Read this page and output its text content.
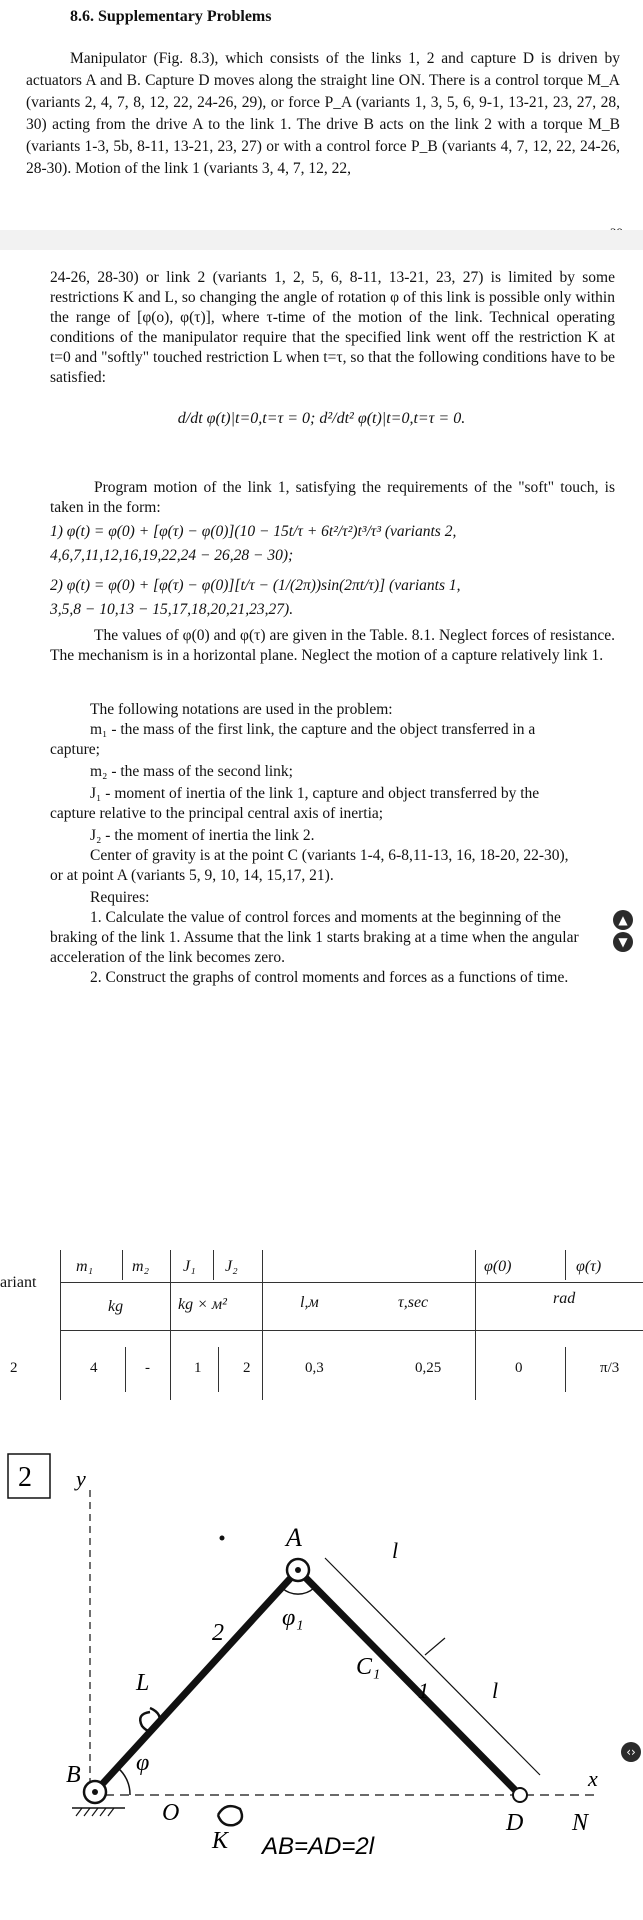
8.6. Supplementary Problems
Manipulator (Fig. 8.3), which consists of the links 1, 2 and capture D is driven by actuators A and B. Capture D moves along the straight line ON. There is a control torque M_A (variants 2, 4, 7, 8, 12, 22, 24-26, 29), or force P_A (variants 1, 3, 5, 6, 9-1, 13-21, 23, 27, 28, 30) acting from the drive A to the link 1. The drive B acts on the link 2 with a torque M_B (variants 1-3, 5b, 8-11, 13-21, 23, 27) or with a control force P_B (variants 4, 7, 12, 22, 24-26, 28-30). Motion of the link 1 (variants 3, 4, 7, 12, 22,
24-26, 28-30) or link 2 (variants 1, 2, 5, 6, 8-11, 13-21, 23, 27) is limited by some restrictions K and L, so changing the angle of rotation φ of this link is possible only within the range of [φ(o), φ(τ)], where τ-time of the motion of the link. Technical operating conditions of the manipulator require that the specified link went off the restriction K at t=0 and "softly" touched restriction L when t=τ, so that the following conditions have to be satisfied:
d/dt φ(t)|t=0,t=τ = 0; d²/dt² φ(t)|t=0,t=τ = 0.
Program motion of the link 1, satisfying the requirements of the "soft" touch, is taken in the form:
1) φ(t) = φ(0) + [φ(τ) − φ(0)](10 − 15t/τ + 6t²/τ²)t³/τ³ (variants 2,
4,6,7,11,12,16,19,22,24 − 26,28 − 30);
2) φ(t) = φ(0) + [φ(τ) − φ(0)][t/τ − (1/(2π))sin(2πt/τ)] (variants 1,
3,5,8 − 10,13 − 15,17,18,20,21,23,27).
The values of φ(0) and φ(τ) are given in the Table. 8.1. Neglect forces of resistance. The mechanism is in a horizontal plane. Neglect the motion of a capture relatively link 1.
The following notations are used in the problem:
m₁ - the mass of the first link, the capture and the object transferred in a
capture;
m₂ - the mass of the second link;
J₁ - moment of inertia of the link 1, capture and object transferred by the
capture relative to the principal central axis of inertia;
J₂ - the moment of inertia the link 2.
Center of gravity is at the point C (variants 1-4, 6-8,11-13, 16, 18-20, 22-30),
or at point A (variants 5, 9, 10, 14, 15,17, 21).
Requires:
1. Calculate the value of control forces and moments at the beginning of the
braking of the link 1. Assume that the link 1 starts braking at a time when the angular
acceleration of the link becomes zero.
2. Construct the graphs of control moments and forces as a functions of time.
▲
▼
ariant
m₁ m₂ J₁ J₂	φ(0)	φ(τ)
kg	kg × м²	l,м	τ,sec	rad
2	4	-	1	2	0,3	0,25	0	π/3
2 y
x
N
A
2
φ₁
C₁
1
l
l
L
φ
B
O
K
D
AB=AD=2l
‹›
